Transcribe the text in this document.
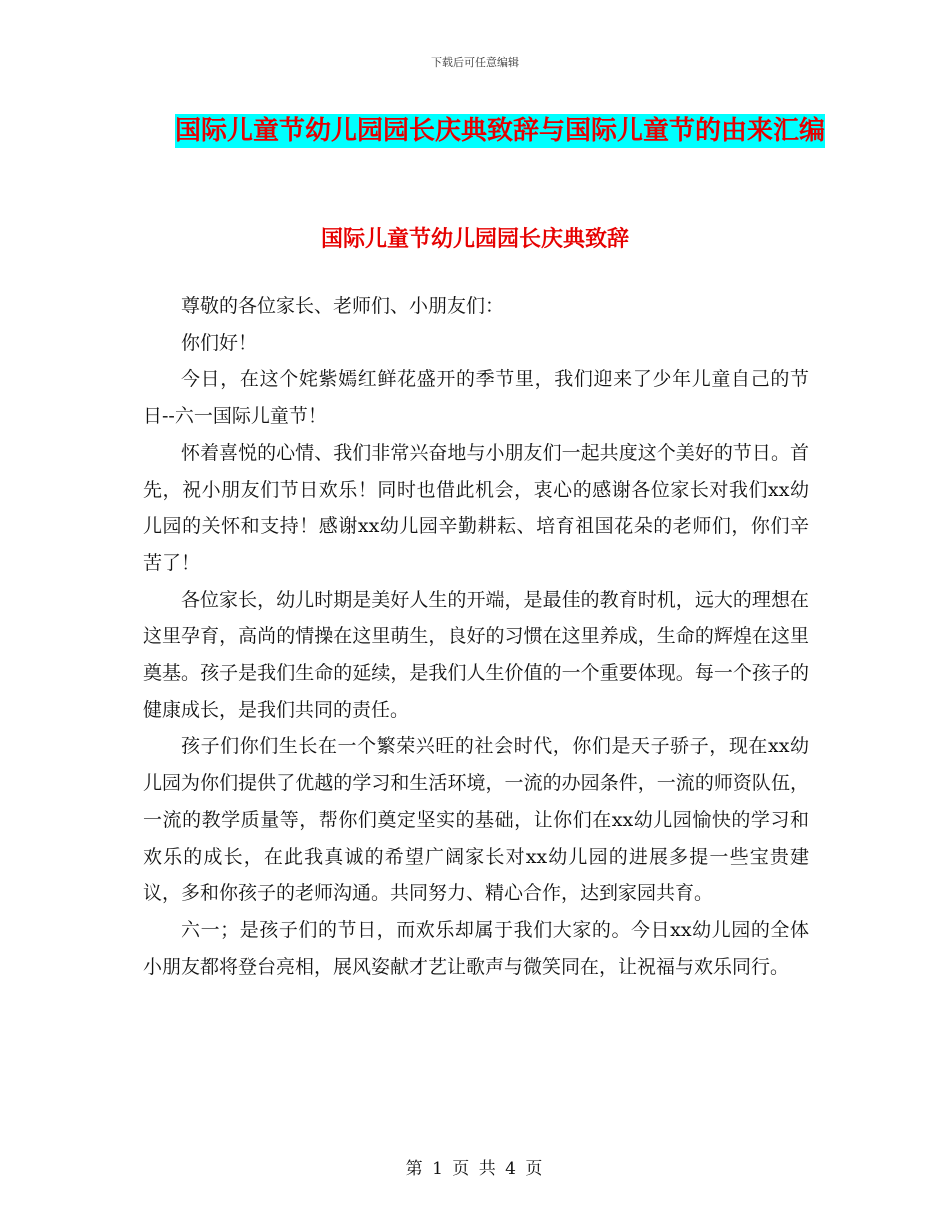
下载后可任意编辑
国际儿童节幼儿园园长庆典致辞与国际儿童节的由来汇编
国际儿童节幼儿园园长庆典致辞

尊敬的各位家长、老师们、小朋友们：

你们好！

今日，在这个姹紫嫣红鲜花盛开的季节里，我们迎来了少年儿童自己的节日--六一国际儿童节！

怀着喜悦的心情、我们非常兴奋地与小朋友们一起共度这个美好的节日。首先，祝小朋友们节日欢乐！同时也借此机会，衷心的感谢各位家长对我们xx幼儿园的关怀和支持！感谢xx幼儿园辛勤耕耘、培育祖国花朵的老师们，你们辛苦了！

各位家长，幼儿时期是美好人生的开端，是最佳的教育时机，远大的理想在这里孕育，高尚的情操在这里萌生，良好的习惯在这里养成，生命的辉煌在这里奠基。孩子是我们生命的延续，是我们人生价值的一个重要体现。每一个孩子的健康成长，是我们共同的责任。

孩子们你们生长在一个繁荣兴旺的社会时代，你们是天子骄子，现在xx幼儿园为你们提供了优越的学习和生活环境，一流的办园条件，一流的师资队伍，一流的教学质量等，帮你们奠定坚实的基础，让你们在xx幼儿园愉快的学习和欢乐的成长，在此我真诚的希望广阔家长对xx幼儿园的进展多提一些宝贵建议，多和你孩子的老师沟通。共同努力、精心合作，达到家园共育。

六一；是孩子们的节日，而欢乐却属于我们大家的。今日xx幼儿园的全体小朋友都将登台亮相，展风姿献才艺让歌声与微笑同在，让祝福与欢乐同行。

第 1 页 共 4 页
